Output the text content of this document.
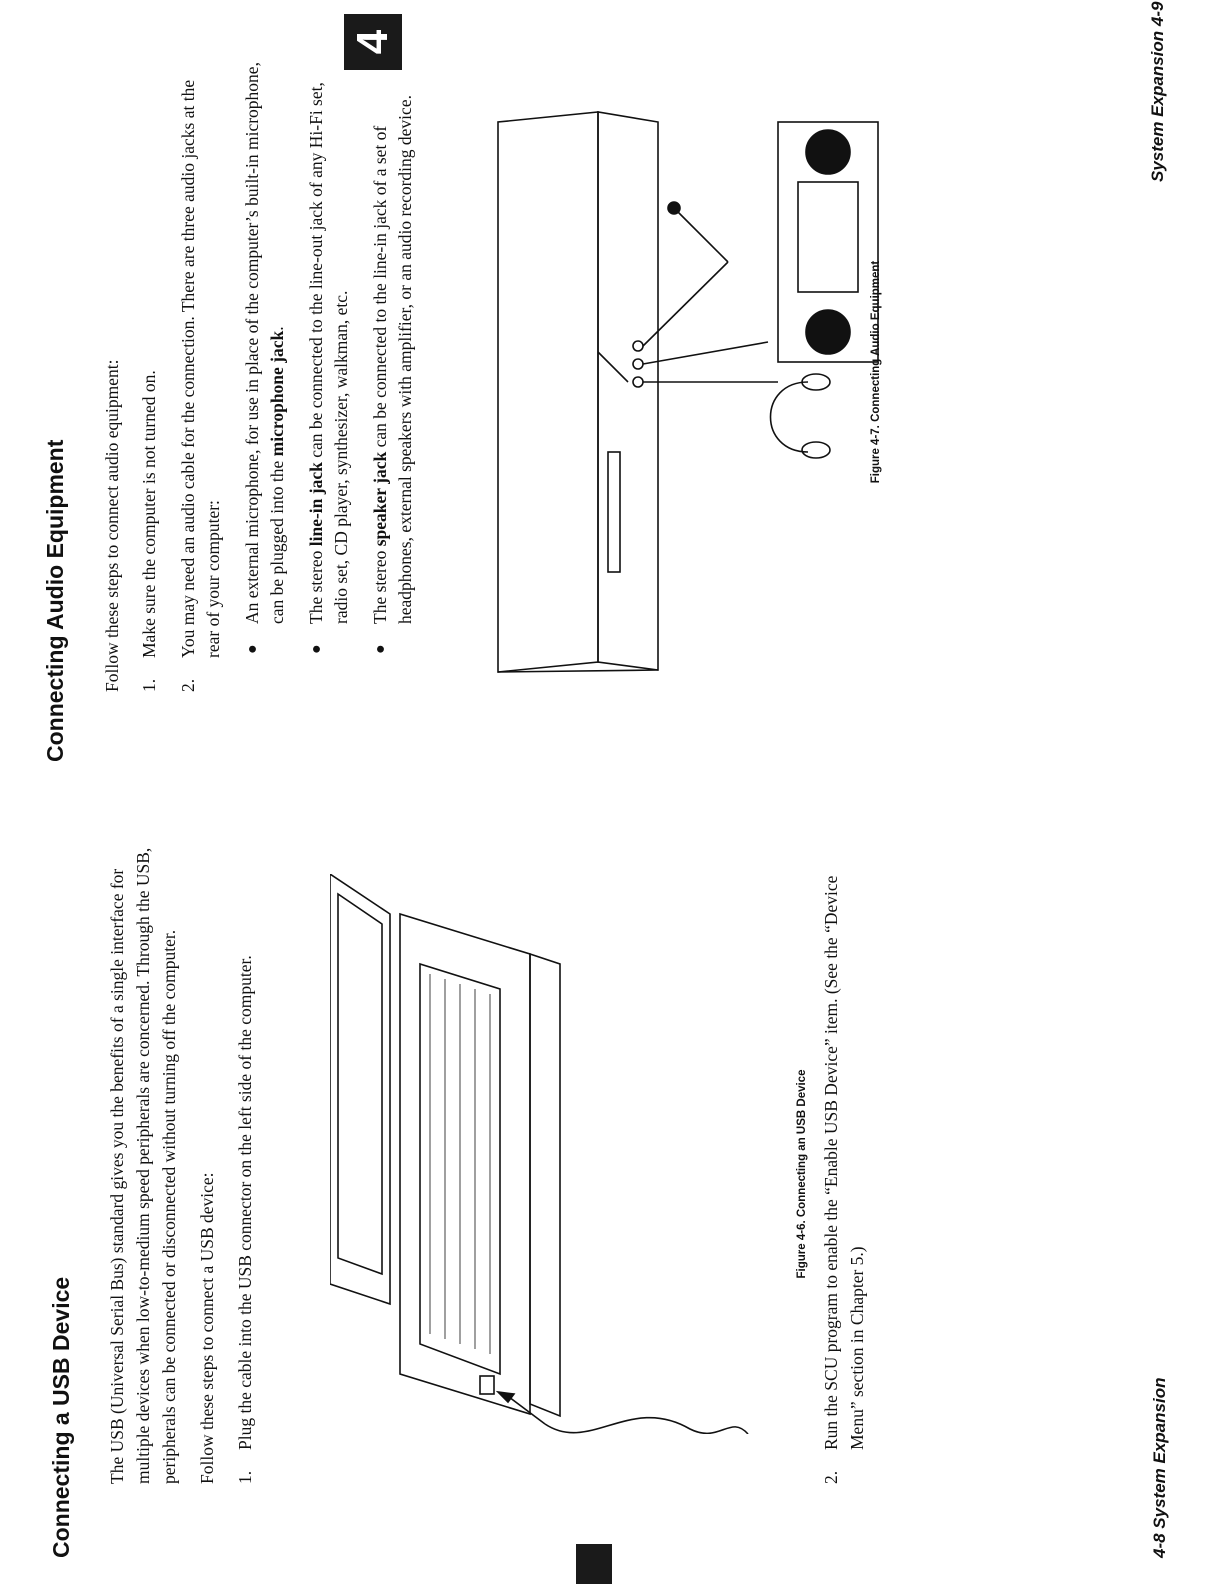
Connecting a USB Device The USB (Universal Serial Bus) standard gives you the benefits of a single interface for multiple devices when low-to-medium speed peripherals are concerned. Through the USB, peripherals can be connected or disconnected without turning off the computer. Follow these steps to connect a USB device: 1.
Plug the cable into the USB connector on the left side of the computer.	Figure 4-6. Connecting an USB Device
2.
Run the SCU program to enable the “Enable USB Device” item. (See the “Device Menu” section in Chapter 5.)
4-8 System Expansion
Connecting Audio Equipment
4

Follow these steps to connect audio equipment: 1.
Make sure the computer is not turned on.
2.
You may need an audio cable for the connection. There are three audio jacks at the rear of your computer: ●
An external microphone, for use in place of the computer’s built-in microphone, can be plugged into the microphone jack.
●
The stereo line-in jack can be connected to the line-out jack of any Hi-Fi set, radio set, CD player, synthesizer, walkman, etc.
●
The stereo speaker jack can be connected to the line-in jack of a set of headphones, external speakers with amplifier, or an audio recording device.	Figure 4-7. Connecting Audio Equipment
System Expansion 4-9
